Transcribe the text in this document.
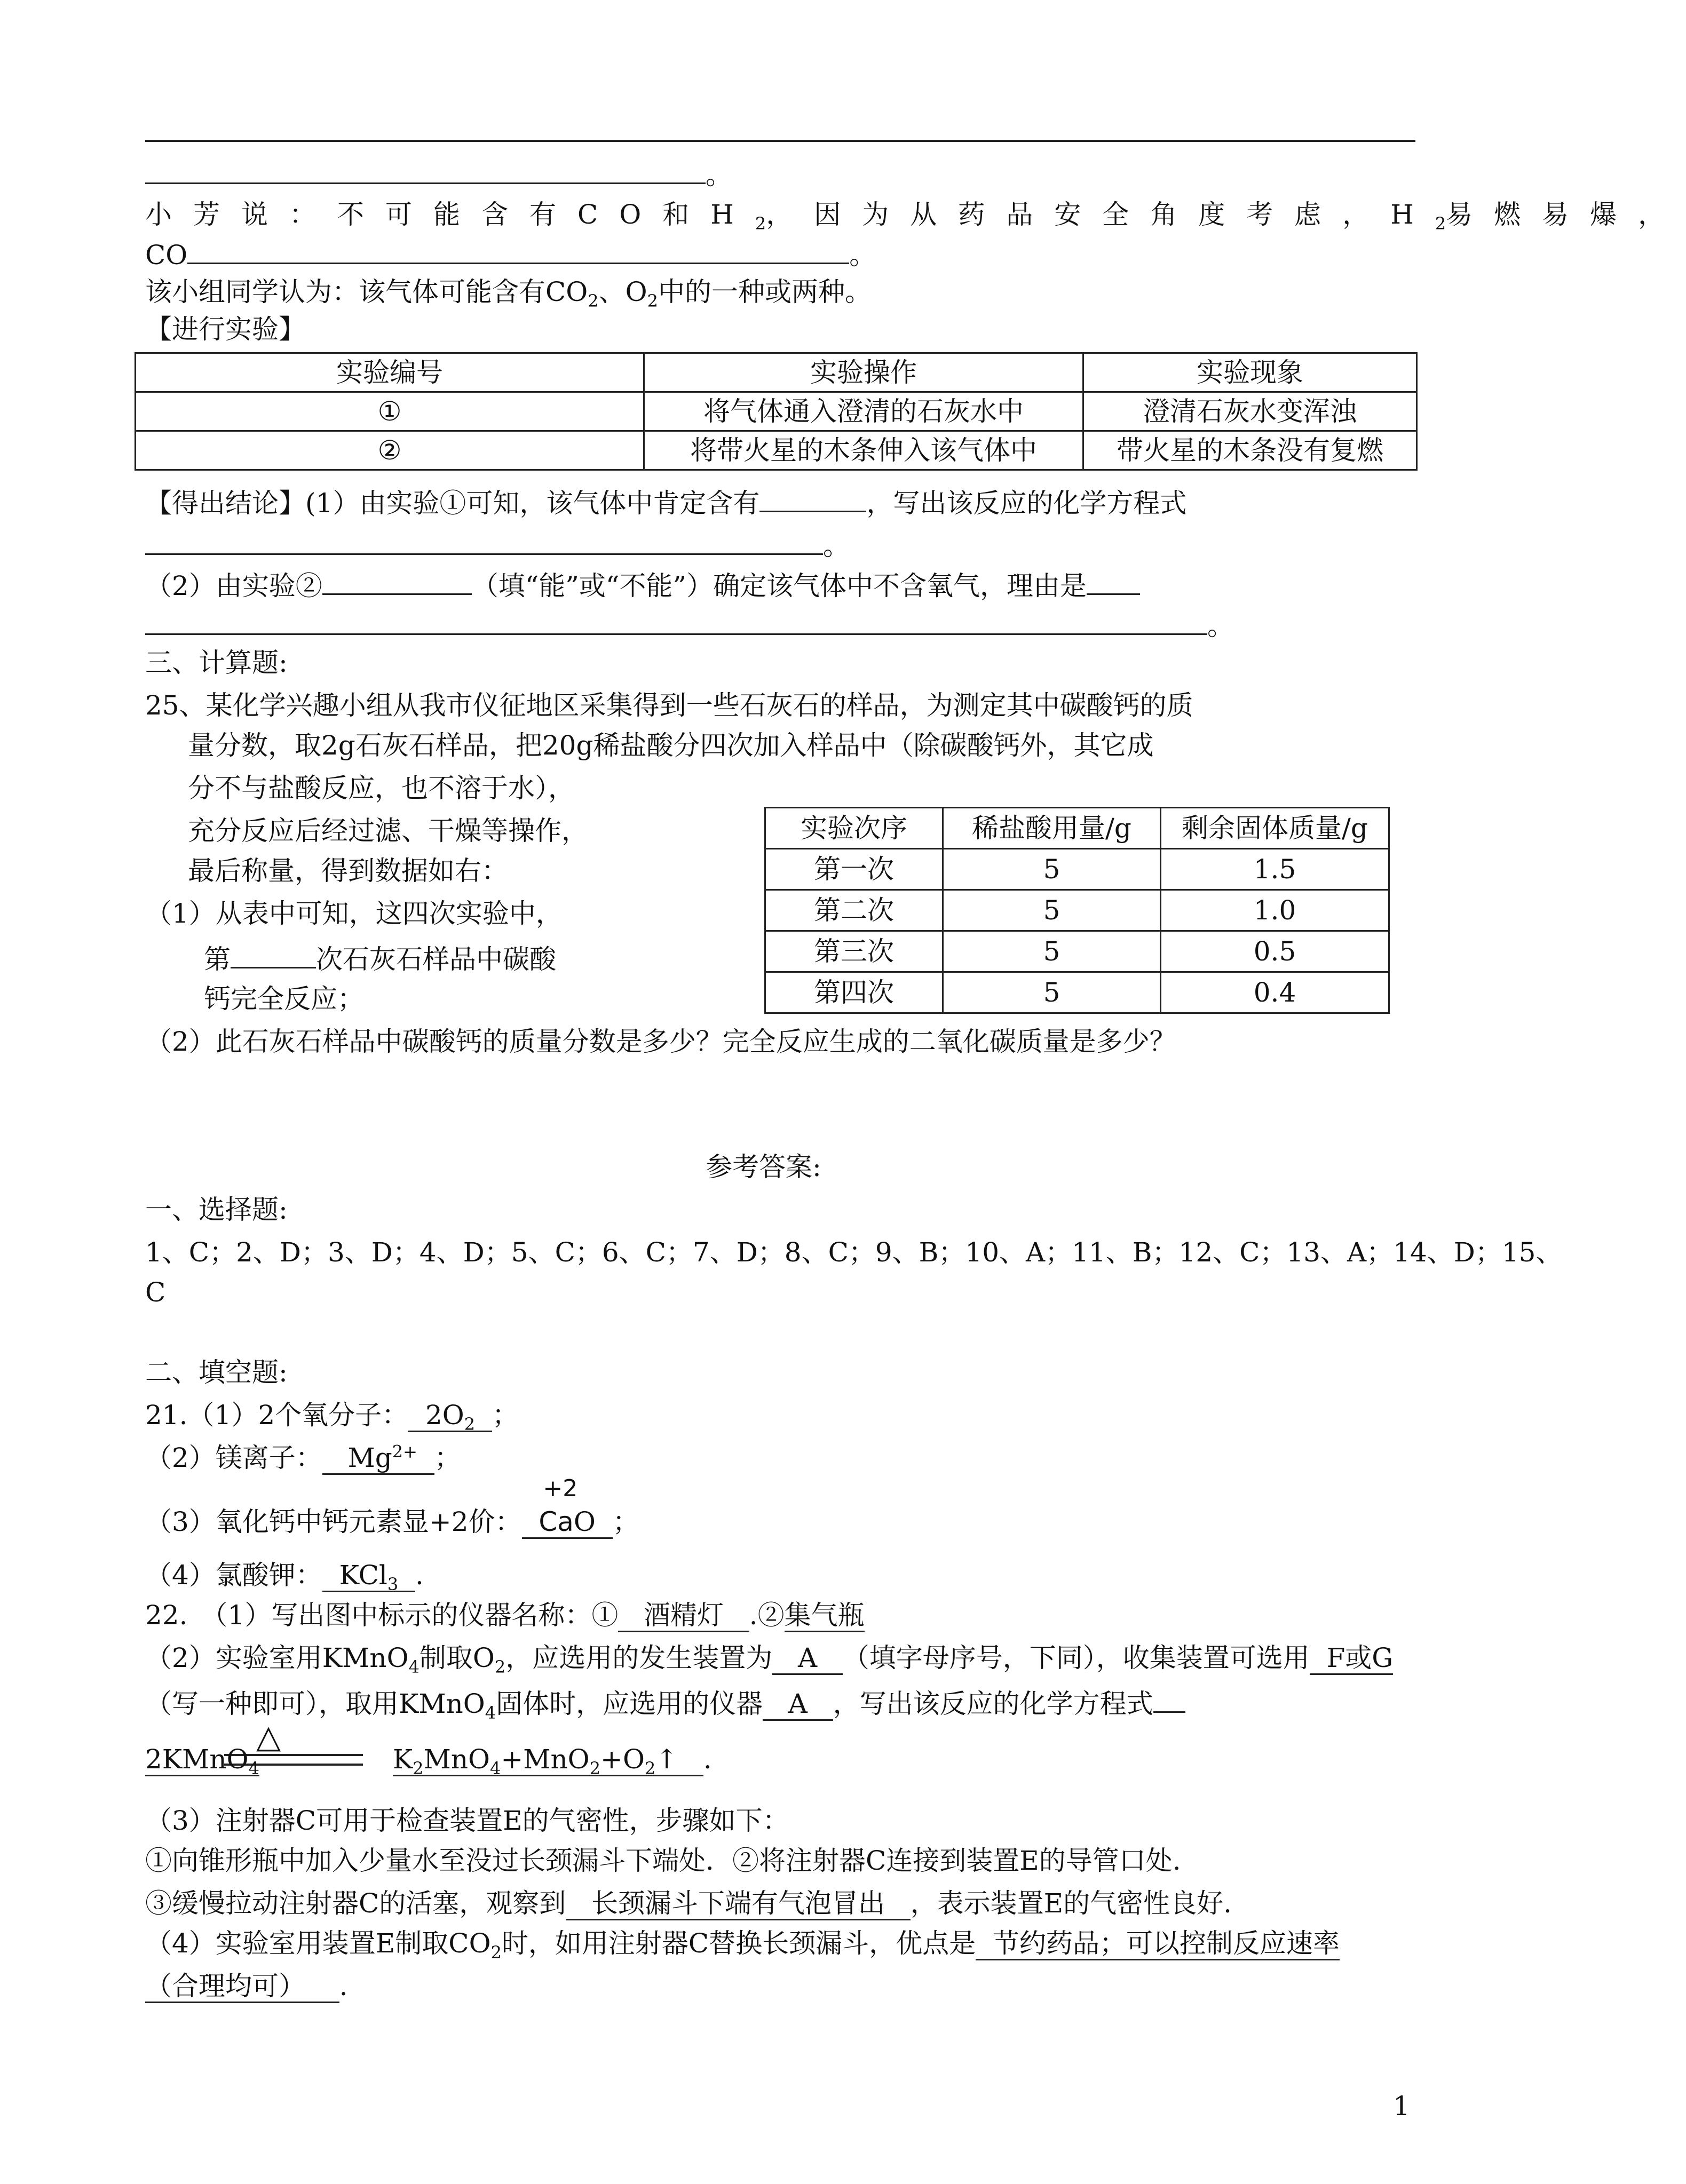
。
小芳说：不可能含有CO和$H_2$，因为从药品安全角度考虑，$H_2$易燃易爆，
CO	。
该小组同学认为：该气体可能含有$CO_2$、$O_2$中的一种或两种。
【进行实验】
实验编号	实验操作	实验现象
①	将气体通入澄清的石灰水中	澄清石灰水变浑浊
②	将带火星的木条伸入该气体中	带火星的木条没有复燃
【得出结论】(1）由实验①可知，该气体中肯定含有	，写出该反应的化学方程式
。
（2）由实验②	（填“能”或“不能”）确定该气体中不含氧气，理由是
。
三、计算题:
25、某化学兴趣小组从我市仪征地区采集得到一些石灰石的样品，为测定其中碳酸钙的质
量分数，取2g石灰石样品，把20g稀盐酸分四次加入样品中（除碳酸钙外，其它成
分不与盐酸反应，也不溶于水），
充分反应后经过滤、干燥等操作，
最后称量，得到数据如右：
（1）从表中可知，这四次实验中，
第	次石灰石样品中碳酸
钙完全反应；
（2）此石灰石样品中碳酸钙的质量分数是多少？完全反应生成的二氧化碳质量是多少？
实验次序	稀盐酸用量/g	剩余固体质量/g
第一次	5	1.5
第二次	5	1.0
第三次	5	0.5
第四次	5	0.4
参考答案:
一、选择题:
1、C；2、D；3、D；4、D；5、C；6、C；7、D；8、C；9、B；10、A；11、B；12、C；13、A；14、D；15、
C
二、填空题:
21.（1）2个氧分子： $2O_2$ ；
（2）镁离子： $Mg^{2+}$ ；
（3）氧化钙中钙元素显+2价：
+2
CaO ；
（4）氯酸钾： KCl$_3$ .
22.　（1）写出图中标示的仪器名称：① 酒精灯 .②集气瓶
（2）实验室用KMnO$_4$制取$O_2$，应选用的发生装置为 A （填字母序号，下同），收集装置可选用 F或G
（写一种即可），取用KMnO$_4$固体时，应选用的仪器 A ，写出该反应的化学方程式
△
2KMnO$_4$	$K_2MnO_4+MnO_2+O_2↑$ .
（3）注射器C可用于检查装置E的气密性，步骤如下：
①向锥形瓶中加入少量水至没过长颈漏斗下端处．②将注射器C连接到装置E的导管口处.
③缓慢拉动注射器C的活塞，观察到 长颈漏斗下端有气泡冒出 ，表示装置E的气密性良好.
（4）实验室用装置E制取$CO_2$时，如用注射器C替换长颈漏斗，优点是 节约药品；可以控制反应速率
（合理均可） .
1
